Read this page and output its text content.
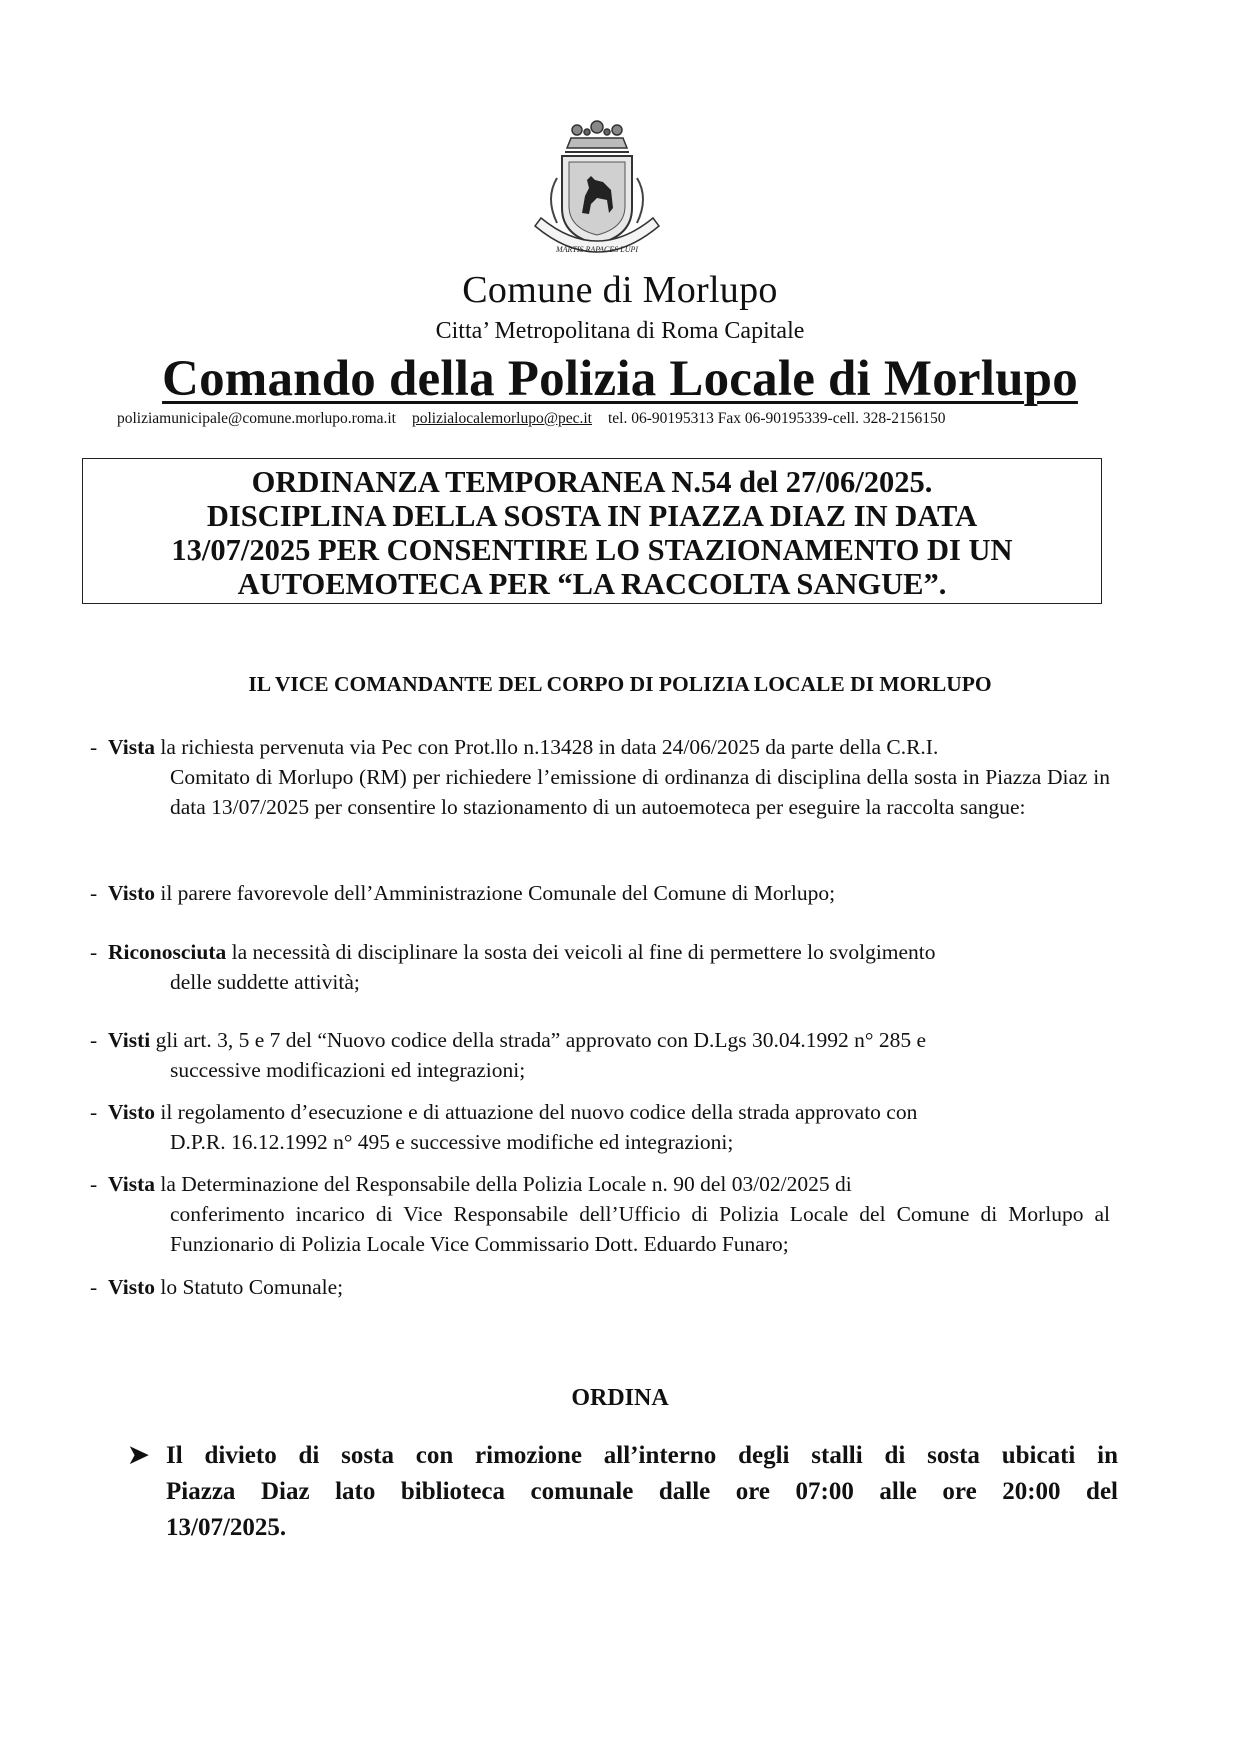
MARTIS RAPACES LUPI
Comune di Morlupo
Citta’ Metropolitana di Roma Capitale
Comando della Polizia Locale di Morlupo
poliziamunicipale@comune.morlupo.roma.it polizialocalemorlupo@pec.it tel. 06-90195313 Fax 06-90195339-cell. 328-2156150
ORDINANZA TEMPORANEA N.54 del 27/06/2025.
DISCIPLINA DELLA SOSTA IN PIAZZA DIAZ IN DATA
13/07/2025 PER CONSENTIRE LO STAZIONAMENTO DI UN
AUTOEMOTECA PER “LA RACCOLTA SANGUE”.
IL VICE COMANDANTE DEL CORPO DI POLIZIA LOCALE DI MORLUPO
- Vista la richiesta pervenuta via Pec con Prot.llo n.13428 in data 24/06/2025 da parte della C.R.I.
Comitato di Morlupo (RM) per richiedere l’emissione di ordinanza di disciplina della sosta in Piazza Diaz in data 13/07/2025 per consentire lo stazionamento di un autoemoteca per eseguire la raccolta sangue:
- Visto il parere favorevole dell’Amministrazione Comunale del Comune di Morlupo;
- Riconosciuta la necessità di disciplinare la sosta dei veicoli al fine di permettere lo svolgimento
delle suddette attività;
- Visti gli art. 3, 5 e 7 del “Nuovo codice della strada” approvato con D.Lgs 30.04.1992 n° 285 e
successive modificazioni ed integrazioni;
- Visto il regolamento d’esecuzione e di attuazione del nuovo codice della strada approvato con
D.P.R. 16.12.1992 n° 495 e successive modifiche ed integrazioni;
- Vista la Determinazione del Responsabile della Polizia Locale n. 90 del 03/02/2025 di
conferimento incarico di Vice Responsabile dell’Ufficio di Polizia Locale del Comune di Morlupo al Funzionario di Polizia Locale Vice Commissario Dott. Eduardo Funaro;
- Visto lo Statuto Comunale;
ORDINA
➤ Il divieto di sosta con rimozione all’interno degli stalli di sosta ubicati in
Piazza Diaz lato biblioteca comunale dalle ore 07:00 alle ore 20:00 del
13/07/2025.
